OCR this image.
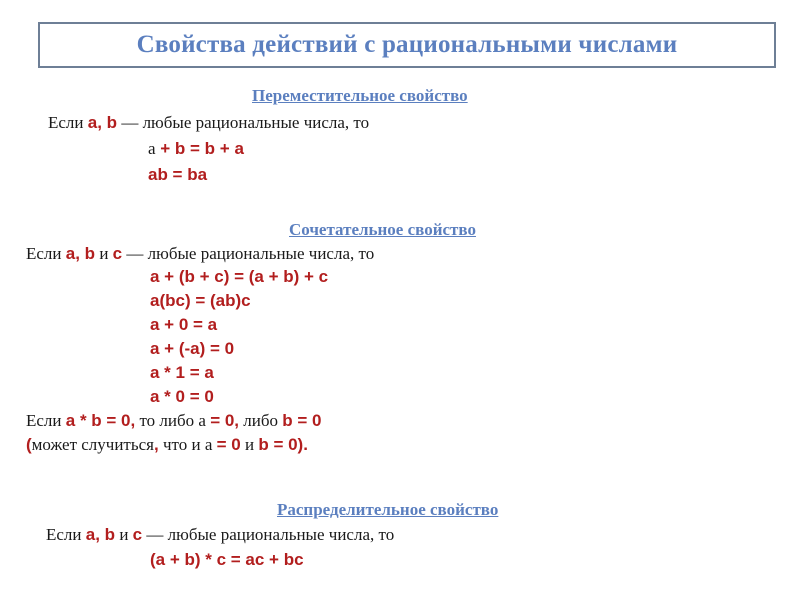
Свойства действий с рациональными числами
Переместительное свойство
Если a, b — любые рациональные числа, то
а + b = b + a
ab = ba
Сочетательное свойство
Если a, b и c — любые рациональные числа, то
a + (b + c) = (a + b) + c
a(bc) = (ab)c
a + 0 = a
a + (-a) = 0
a * 1 = a
a * 0 = 0
Если a * b = 0, то либо а = 0, либо b = 0
(может случиться, что и а = 0 и b = 0).
Распределительное свойство
Если a, b и c — любые рациональные числа, то
(a + b) * c = ac + bc
